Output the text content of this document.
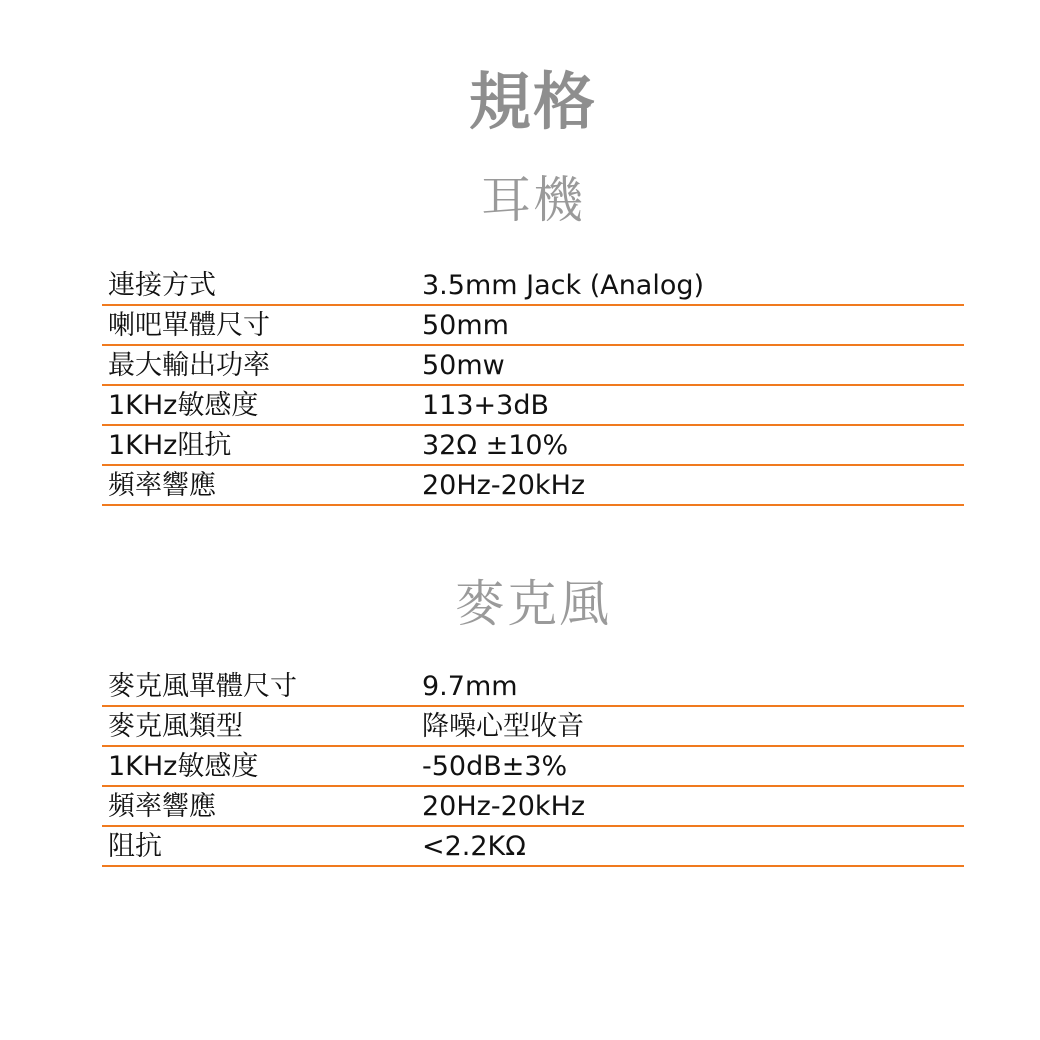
規格
耳機
連接方式	3.5mm Jack (Analog)
喇吧單體尺寸	50mm
最大輸出功率	50mw
1KHz敏感度	113+3dB
1KHz阻抗	32Ω ±10%
頻率響應	20Hz-20kHz
麥克風
麥克風單體尺寸	9.7mm
麥克風類型	降噪心型收音
1KHz敏感度	-50dB±3%
頻率響應	20Hz-20kHz
阻抗	<2.2KΩ
